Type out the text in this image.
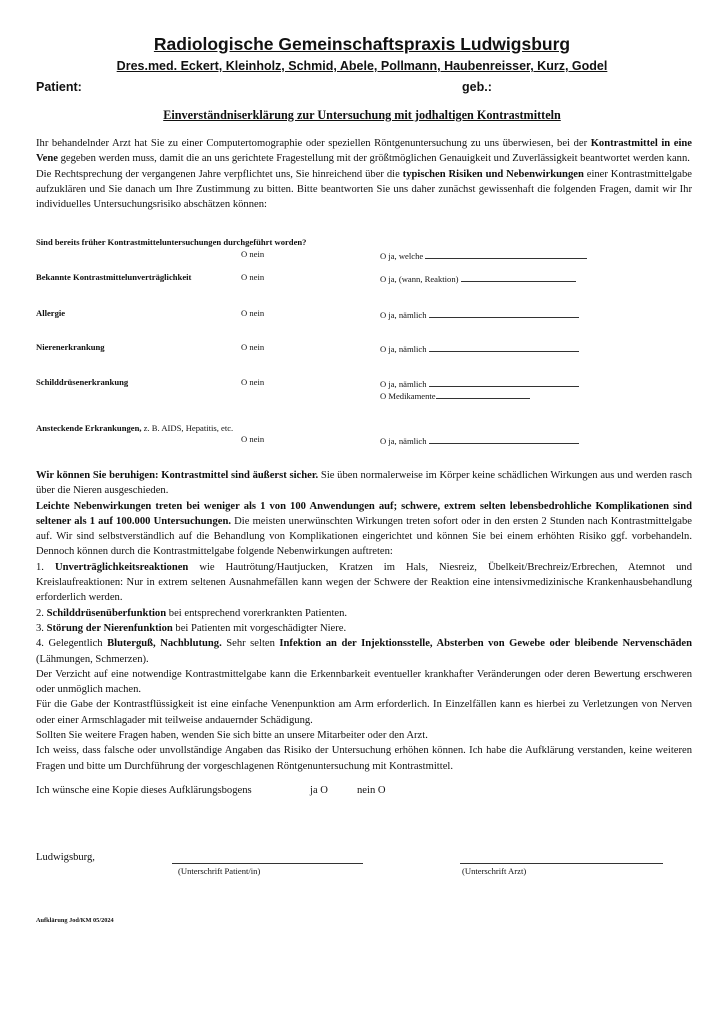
Radiologische Gemeinschaftspraxis Ludwigsburg
Dres.med. Eckert, Kleinholz, Schmid, Abele, Pollmann, Haubenreisser, Kurz, Godel
Patient:	geb.:
Einverständniserklärung zur Untersuchung mit jodhaltigen Kontrastmitteln

Ihr behandelnder Arzt hat Sie zu einer Computertomographie oder speziellen Röntgenuntersuchung zu uns überwiesen, bei der Kontrastmittel in eine Vene gegeben werden muss, damit die an uns gerichtete Fragestellung mit der größtmöglichen Genauigkeit und Zuverlässigkeit beantwortet werden kann.

Die Rechtsprechung der vergangenen Jahre verpflichtet uns, Sie hinreichend über die typischen Risiken und Nebenwirkungen einer Kontrastmittelgabe aufzuklären und Sie danach um Ihre Zustimmung zu bitten. Bitte beantworten Sie uns daher zunächst gewissenhaft die folgenden Fragen, damit wir Ihr individuelles Untersuchungsrisiko abschätzen können:

Sind bereits früher Kontrastmitteluntersuchungen durchgeführt worden?
O nein	O ja, welche
Bekannte Kontrastmittelunverträglichkeit	O nein	O ja, (wann, Reaktion)
Allergie	O nein	O ja, nämlich
Nierenerkrankung	O nein	O ja, nämlich
Schilddrüsenerkrankung	O nein	O ja, nämlich
O Medikamente
Ansteckende Erkrankungen, z. B. AIDS, Hepatitis, etc.
O nein	O ja, nämlich

Wir können Sie beruhigen: Kontrastmittel sind äußerst sicher. Sie üben normalerweise im Körper keine schädlichen Wirkungen aus und werden rasch über die Nieren ausgeschieden.

Leichte Nebenwirkungen treten bei weniger als 1 von 100 Anwendungen auf; schwere, extrem selten lebensbedrohliche Komplikationen sind seltener als 1 auf 100.000 Untersuchungen. Die meisten unerwünschten Wirkungen treten sofort oder in den ersten 2 Stunden nach Kontrastmittelgabe auf. Wir sind selbstverständlich auf die Behandlung von Komplikationen eingerichtet und können Sie bei einem erhöhten Risiko ggf. vorbehandeln. Dennoch können durch die Kontrastmittelgabe folgende Nebenwirkungen auftreten:

1. Unverträglichkeitsreaktionen wie Hautrötung/Hautjucken, Kratzen im Hals, Niesreiz, Übelkeit/Brechreiz/Erbrechen, Atemnot und Kreislaufreaktionen: Nur in extrem seltenen Ausnahmefällen kann wegen der Schwere der Reaktion eine intensivmedizinische Krankenhausbehandlung erforderlich werden.

2. Schilddrüsenüberfunktion bei entsprechend vorerkrankten Patienten.

3. Störung der Nierenfunktion bei Patienten mit vorgeschädigter Niere.

4. Gelegentlich Bluterguß, Nachblutung. Sehr selten Infektion an der Injektionsstelle, Absterben von Gewebe oder bleibende Nervenschäden (Lähmungen, Schmerzen).

Der Verzicht auf eine notwendige Kontrastmittelgabe kann die Erkennbarkeit eventueller krankhafter Veränderungen oder deren Bewertung erschweren oder unmöglich machen.

Für die Gabe der Kontrastflüssigkeit ist eine einfache Venenpunktion am Arm erforderlich. In Einzelfällen kann es hierbei zu Verletzungen von Nerven oder einer Armschlagader mit teilweise andauernder Schädigung.

Sollten Sie weitere Fragen haben, wenden Sie sich bitte an unsere Mitarbeiter oder den Arzt.

Ich weiss, dass falsche oder unvollständige Angaben das Risiko der Untersuchung erhöhen können. Ich habe die Aufklärung verstanden, keine weiteren Fragen und bitte um Durchführung der vorgeschlagenen Röntgenuntersuchung mit Kontrastmittel.

Ich wünsche eine Kopie dieses Aufklärungsbogens	ja O	nein O
Ludwigsburg,
(Unterschrift Patient/in)	(Unterschrift Arzt)
Aufklärung Jod/KM 05/2024
